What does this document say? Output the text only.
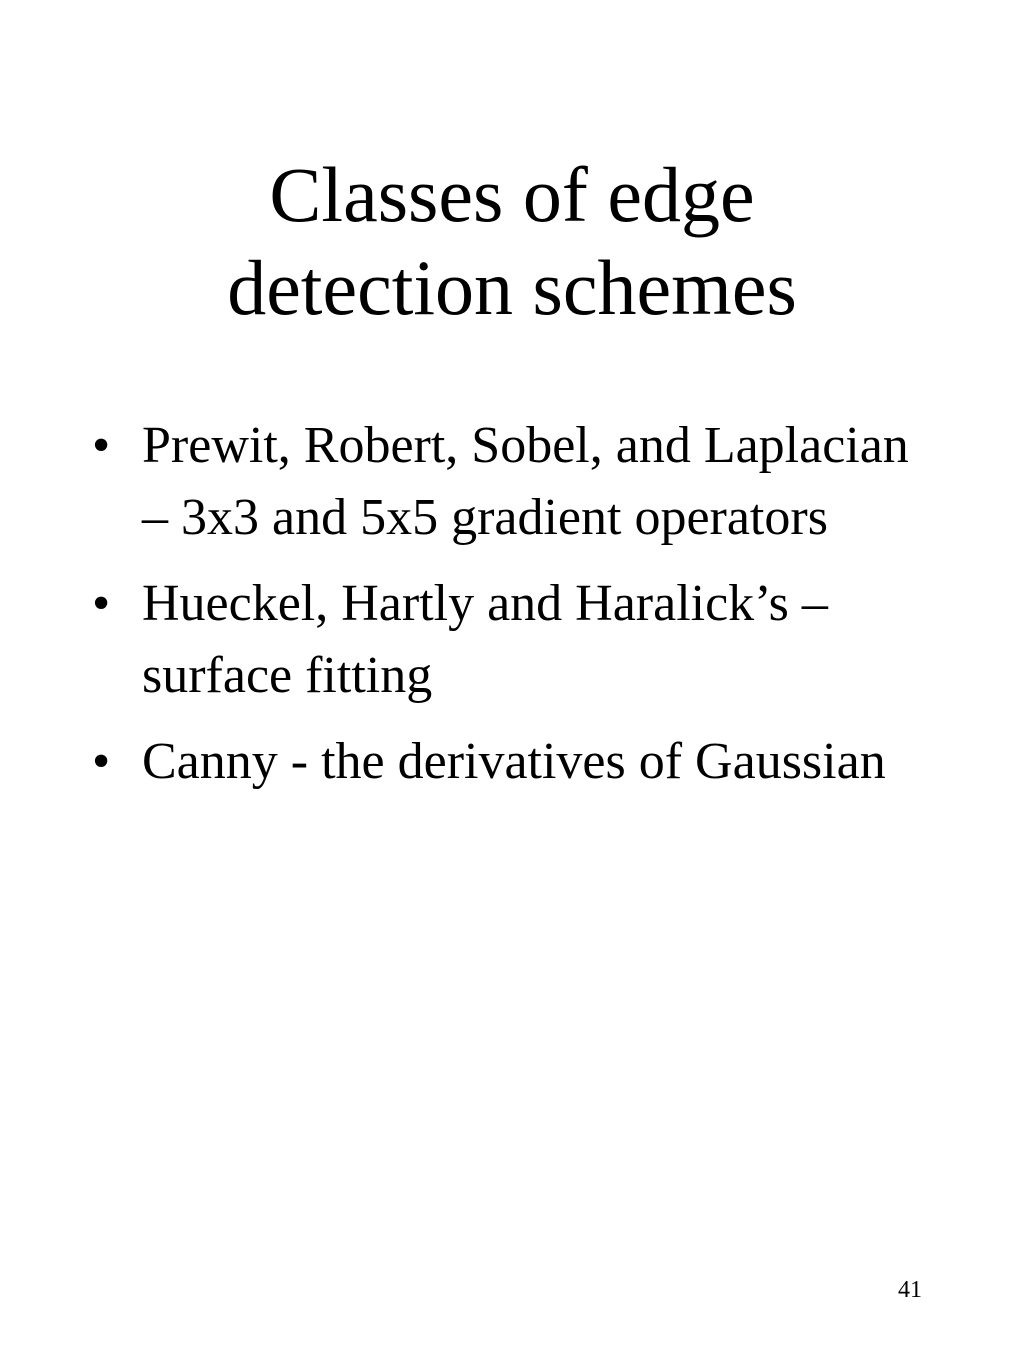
Classes of edge
detection schemes
• Prewit, Robert, Sobel, and Laplacian – 3x3 and 5x5 gradient operators
• Hueckel, Hartly and Haralick’s – surface fitting
• Canny - the derivatives of Gaussian
41
